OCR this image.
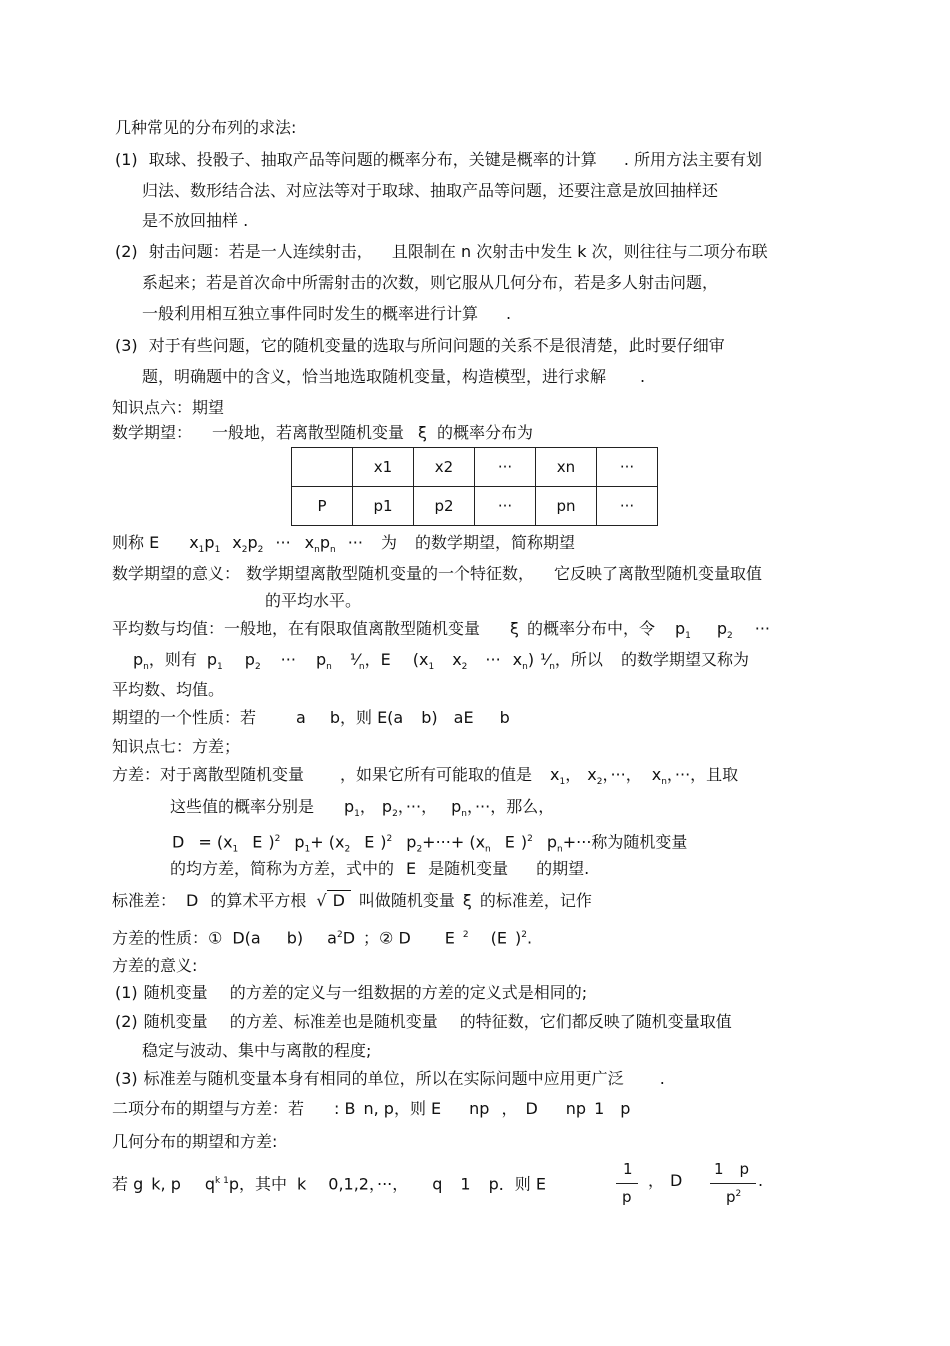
几种常见的分布列的求法:
(1) 取球、投骰子、抽取产品等问题的概率分布，关键是概率的计算 . 所用方法主要有划
归法、数形结合法、对应法等对于取球、抽取产品等问题，还要注意是放回抽样还
是不放回抽样 .
(2) 射击问题：若是一人连续射击， 且限制在 n 次射击中发生 k 次，则往往与二项分布联
系起来；若是首次命中所需射击的次数，则它服从几何分布，若是多人射击问题，
一般利用相互独立事件同时发生的概率进行计算 .
(3) 对于有些问题，它的随机变量的选取与所问问题的关系不是很清楚，此时要仔细审
题，明确题中的含义，恰当地选取随机变量，构造模型，进行求解 .
知识点六：期望
数学期望： 一般地，若离散型随机变量 ξ 的概率分布为
	x1	x2	···	xn	···
P	p1	p2	···	pn	···
则称 E $x_1p_1$ $x_2p_2$ ··· $x_np_n$ ··· 为 的数学期望，简称期望
数学期望的意义： 数学期望离散型随机变量的一个特征数， 它反映了离散型随机变量取值
的平均水平。
平均数与均值：一般地，在有限取值离散型随机变量 ξ 的概率分布中，令 $p_1$ $p_2$ ···
$p_n$，则有 $p_1$ $p_2$ ··· $p_n$ $⅟_n$，E ($x_1$ $x_2$ ··· $x_n$) $⅟_n$，所以 的数学期望又称为
平均数、均值。
期望的一个性质：若	a b，则 E(a b) aE b
知识点七：方差；
方差：对于离散型随机变量 ，如果它所有可能取的值是 $x_1$， $x_2$，···， $x_n$，···，且取
这些值的概率分别是 $p_1$， $p_2$，···， $p_n$，···，那么，
$D = (x_1$ E )$^2$ $p_1+ (x_2$ E )$^2$ $p_2+\cdot\cdot\cdot+ (x_n$ E )$^2$ $p_n+\cdot\cdot\cdot$称为随机变量
的均方差，简称为方差，式中的 E 是随机变量 的期望.
标准差： D 的算术平方根 √ D 叫做随机变量 ξ 的标准差，记作
方差的性质：① D(a b) $a^2D$ ；② D E $^2$ (E )$^2$.
方差的意义:
(1) 随机变量 的方差的定义与一组数据的方差的定义式是相同的;
(2) 随机变量 的方差、标准差也是随机变量 的特征数，它们都反映了随机变量取值
稳定与波动、集中与离散的程度;
(3) 标准差与随机变量本身有相同的单位，所以在实际问题中应用更广泛 .
二项分布的期望与方差：若 : B n, p，则 E np ， D np 1 p
几何分布的期望和方差:
若 g k, p $q^{k 1}p$，其中 k 0,1,2，···， q 1 p．则 E
1
p
， D
1 p
$p^2$
.
